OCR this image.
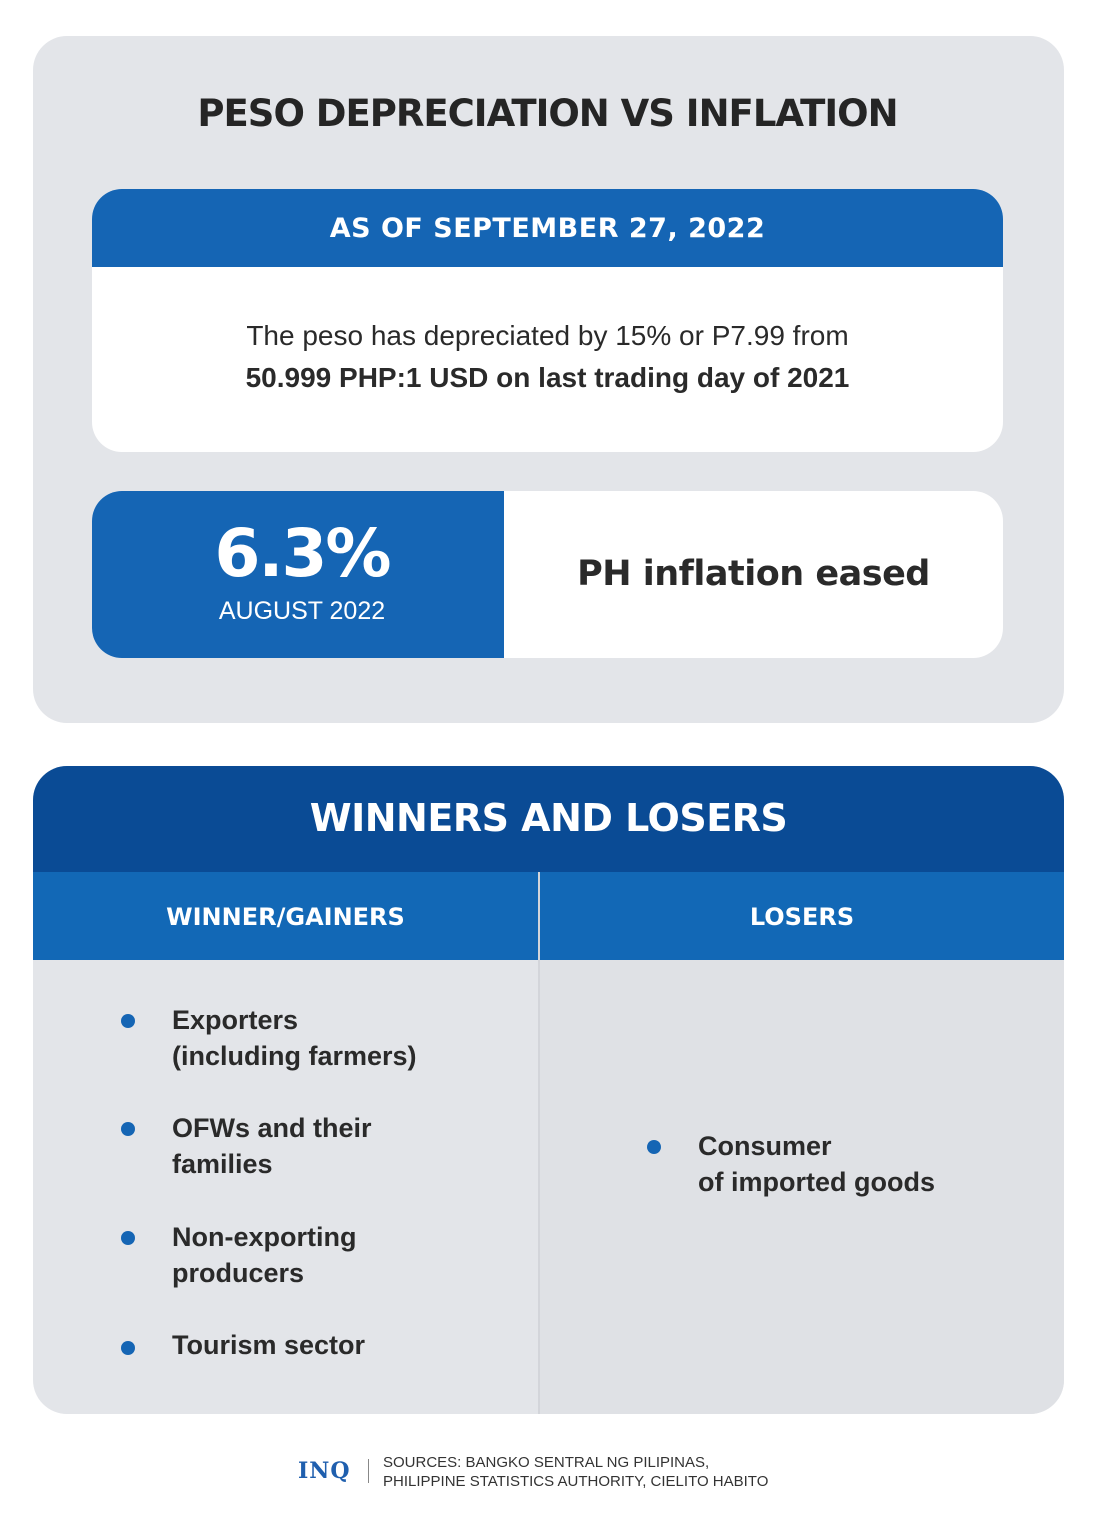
PESO DEPRECIATION VS INFLATION
AS OF SEPTEMBER 27, 2022
The peso has depreciated by 15% or P7.99 from
50.999 PHP:1 USD on last trading day of 2021
6.3%
AUGUST 2022
PH inflation eased
WINNERS AND LOSERS
WINNER/GAINERS	LOSERS
Exporters
(including farmers)
OFWs and their
families
Non-exporting
producers
Tourism sector
Consumer
of imported goods
INQ SOURCES: BANGKO SENTRAL NG PILIPINAS,
PHILIPPINE STATISTICS AUTHORITY, CIELITO HABITO
